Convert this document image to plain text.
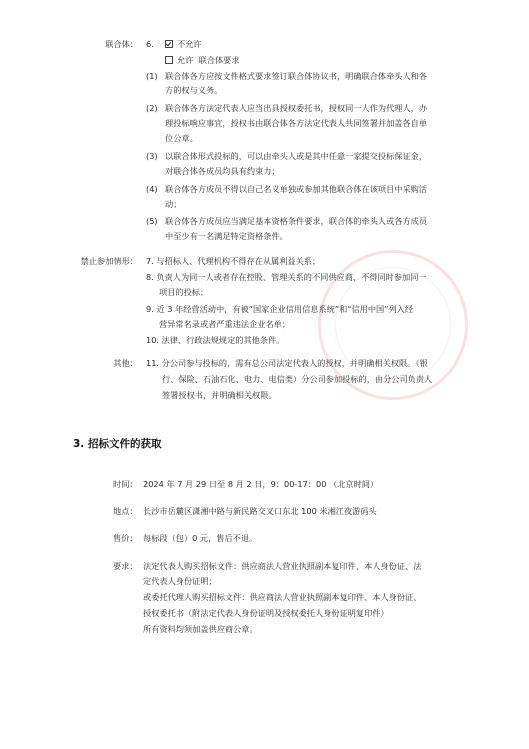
联合体： 6.	不允许
允许 联合体要求
(1) 联合体各方应按文件格式要求签订联合体协议书，明确联合体牵头人和各
方的权与义务。
(2) 联合体各方法定代表人应当出具授权委托书，授权同一人作为代理人，办
理投标响应事宜，授权书由联合体各方法定代表人共同签署并加盖各自单
位公章。
(3) 以联合体形式投标的，可以由牵头人或是其中任意一家提交投标保证金，
对联合体各成员均具有约束力；
(4) 联合体各方成员不得以自己名义单独或参加其他联合体在该项目中采购活
动；
(5) 联合体各方成员应当满足基本资格条件要求，联合体的牵头人或各方成员
中至少有一名满足特定资格条件。
禁止参加情形： 7. 与招标人、代理机构不得存在从属利益关系；
8. 负责人为同一人或者存在控股、管理关系的不同供应商，不得同时参加同一
项目的投标；
9. 近 3 年经营活动中，有被“国家企业信用信息系统”和“信用中国”列入经
营异常名录或者严重违法企业名单；
10. 法律、行政法规规定的其他条件。
其他： 11. 分公司参与投标的，需有总公司法定代表人的授权，并明确相关权限。（银
行、保险、石油石化、电力、电信类）分公司参加投标的，由分公司负责人
签署授权书，并明确相关权限。
3. 招标文件的获取
时间： 2024 年 7 月 29 日至 8 月 2 日，9：00-17：00 （北京时间）
地点： 长沙市岳麓区潇湘中路与新民路交叉口东北 100 米湘江夜游码头
售价： 每标段（包）0 元，售后不退。
要求： 法定代表人购买招标文件：供应商法人营业执照副本复印件、本人身份证、法
定代表人身份证明；
或委托代理人购买招标文件：供应商法人营业执照副本复印件、本人身份证、
授权委托书（附法定代表人身份证明及授权委托人身份证明复印件）
所有资料均须加盖供应商公章。
